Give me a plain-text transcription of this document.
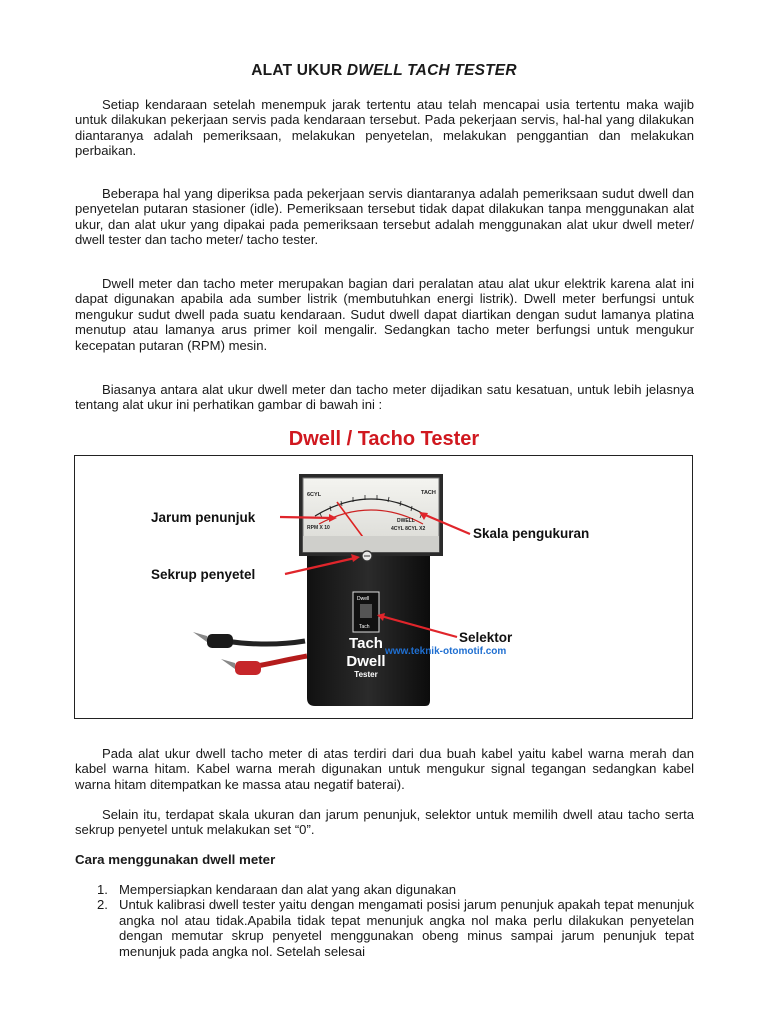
ALAT UKUR DWELL TACH TESTER

Setiap kendaraan setelah menempuk jarak tertentu atau telah mencapai usia tertentu maka wajib untuk dilakukan pekerjaan servis pada kendaraan tersebut. Pada pekerjaan servis, hal-hal yang dilakukan diantaranya adalah pemeriksaan, melakukan penyetelan, melakukan penggantian dan melakukan perbaikan.

Beberapa hal yang diperiksa pada pekerjaan servis diantaranya adalah pemeriksaan sudut dwell dan penyetelan putaran stasioner (idle). Pemeriksaan tersebut tidak dapat dilakukan tanpa menggunakan alat ukur, dan alat ukur yang dipakai pada pemeriksaan tersebut adalah menggunakan alat ukur dwell meter/ dwell tester dan tacho meter/ tacho tester.

Dwell meter dan tacho meter merupakan bagian dari peralatan atau alat ukur elektrik karena alat ini dapat digunakan apabila ada sumber listrik (membutuhkan energi listrik). Dwell meter berfungsi untuk mengukur sudut dwell pada suatu kendaraan. Sudut dwell dapat diartikan dengan sudut lamanya platina menutup atau lamanya arus primer koil mengalir. Sedangkan tacho meter berfungsi untuk mengukur kecepatan putaran (RPM) mesin.

Biasanya antara alat ukur dwell meter dan tacho meter dijadikan satu kesatuan, untuk lebih jelasnya tentang alat ukur ini perhatikan gambar di bawah ini :

Dwell / Tacho Tester
6CYL	TACH
RPM X 10
DWELL
4CYL 8CYL X2
Dwell
Tach
Tach
Dwell
Tester
Jarum penunjuk
Skala pengukuran
Sekrup penyetel
Selektor
www.teknik-otomotif.com

Pada alat ukur dwell tacho meter di atas terdiri dari dua buah kabel yaitu kabel warna merah dan kabel warna hitam. Kabel warna merah digunakan untuk mengukur signal tegangan sedangkan kabel warna hitam ditempatkan ke massa atau negatif baterai).

Selain itu, terdapat skala ukuran dan jarum penunjuk, selektor untuk memilih dwell atau tacho serta sekrup penyetel untuk melakukan set “0”.

Cara menggunakan dwell meter
1. Mempersiapkan kendaraan dan alat yang akan digunakan
2. Untuk kalibrasi dwell tester yaitu dengan mengamati posisi jarum penunjuk apakah tepat menunjuk angka nol atau tidak.Apabila tidak tepat menunjuk angka nol maka perlu dilakukan penyetelan dengan memutar skrup penyetel menggunakan obeng minus sampai jarum penunjuk tepat menunjuk pada angka nol. Setelah selesai
